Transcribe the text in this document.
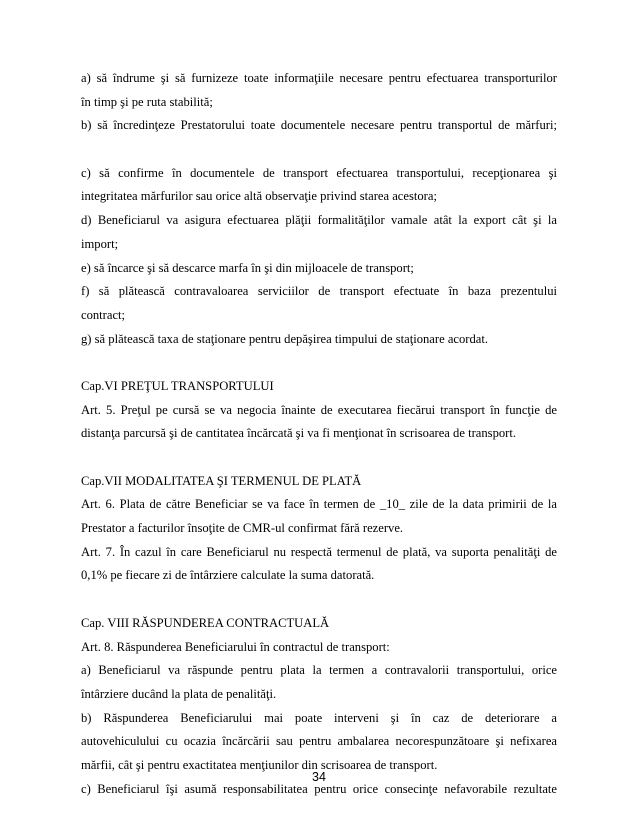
a) să îndrume şi să furnizeze toate informaţiile necesare pentru efectuarea transporturilor
în timp şi pe ruta stabilită;
b) să încredinţeze Prestatorului toate documentele necesare pentru transportul de mărfuri;
c) să confirme în documentele de transport efectuarea transportului, recepţionarea şi
integritatea mărfurilor sau orice altă observaţie privind starea acestora;
d) Beneficiarul va asigura efectuarea plăţii formalităţilor vamale atât la export cât şi la
import;
e) să încarce şi să descarce marfa în şi din mijloacele de transport;
f) să plătească contravaloarea serviciilor de transport efectuate în baza prezentului
contract;
g) să plătească taxa de staţionare pentru depăşirea timpului de staţionare acordat.
Cap.VI PREŢUL TRANSPORTULUI
Art. 5. Preţul pe cursă se va negocia înainte de executarea fiecărui transport în funcţie de
distanţa parcursă şi de cantitatea încărcată şi va fi menţionat în scrisoarea de transport.
Cap.VII MODALITATEA ŞI TERMENUL DE PLATĂ
Art. 6. Plata de către Beneficiar se va face în termen de _10_ zile de la data primirii de la
Prestator a facturilor însoţite de CMR-ul confirmat fără rezerve.
Art. 7. În cazul în care Beneficiarul nu respectă termenul de plată, va suporta penalităţi de
0,1% pe fiecare zi de întârziere calculate la suma datorată.
Cap. VIII RĂSPUNDEREA CONTRACTUALĂ
Art. 8. Răspunderea Beneficiarului în contractul de transport:
a) Beneficiarul va răspunde pentru plata la termen a contravalorii transportului, orice
întârziere ducând la plata de penalităţi.
b) Răspunderea Beneficiarului mai poate interveni şi în caz de deteriorare a
autovehiculului cu ocazia încărcării sau pentru ambalarea necorespunzătoare şi nefixarea
mărfii, cât şi pentru exactitatea menţiunilor din scrisoarea de transport.
c) Beneficiarul îşi asumă responsabilitatea pentru orice consecinţe nefavorabile rezultate
34
